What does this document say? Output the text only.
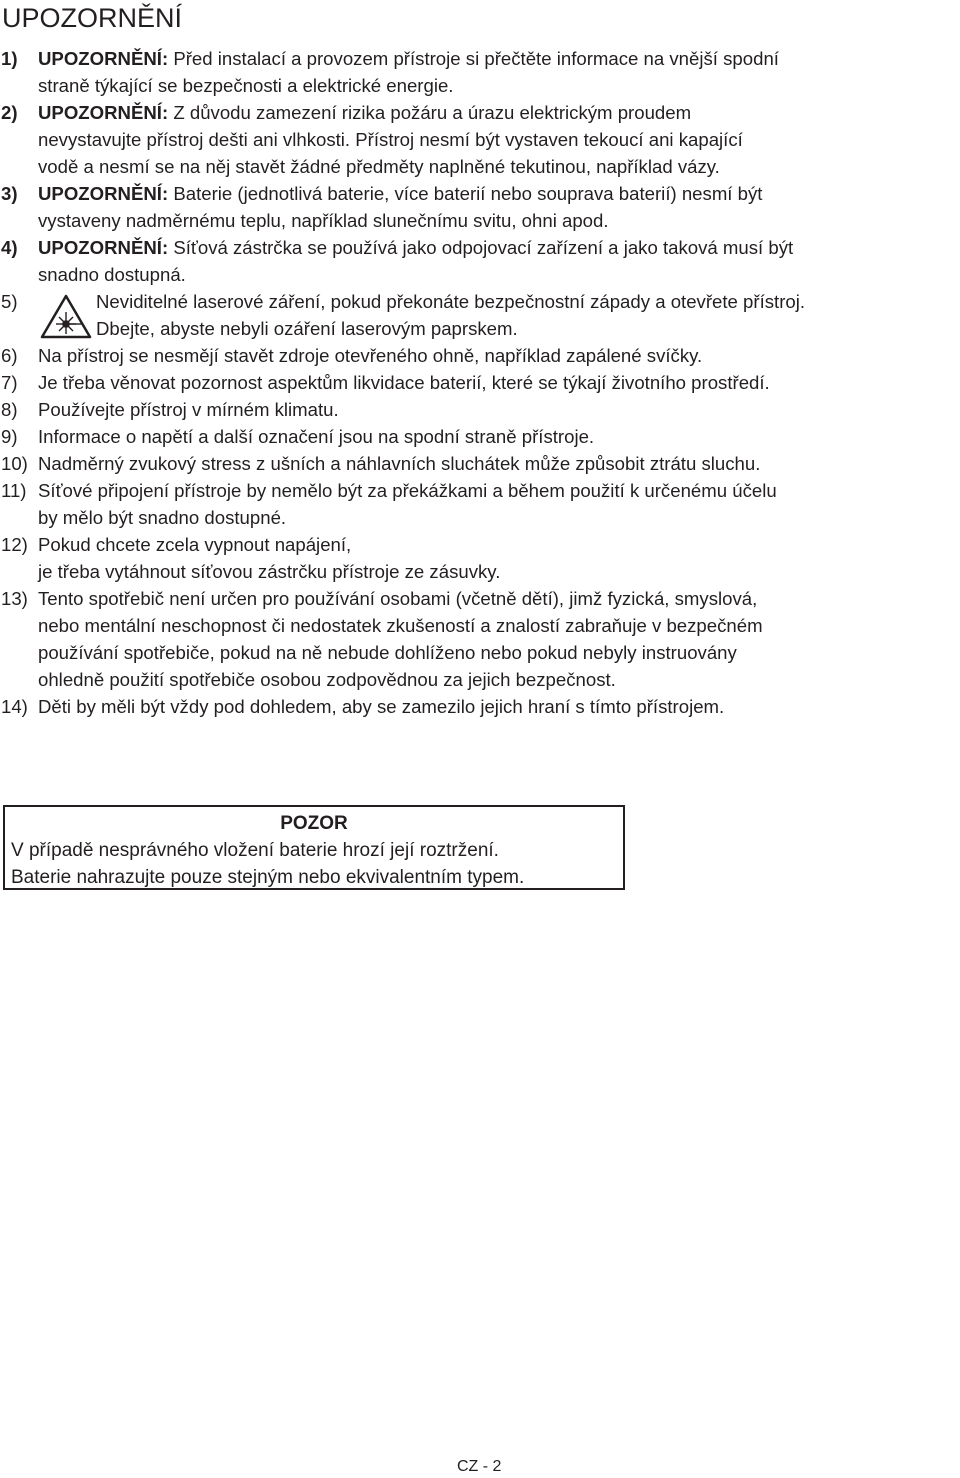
UPOZORNĚNÍ
1) UPOZORNĚNÍ: Před instalací a provozem přístroje si přečtěte informace na vnější spodní
straně týkající se bezpečnosti a elektrické energie.
2) UPOZORNĚNÍ: Z důvodu zamezení rizika požáru a úrazu elektrickým proudem
nevystavujte přístroj dešti ani vlhkosti. Přístroj nesmí být vystaven tekoucí ani kapající
vodě a nesmí se na něj stavět žádné předměty naplněné tekutinou, například vázy.
3) UPOZORNĚNÍ: Baterie (jednotlivá baterie, více baterií nebo souprava baterií) nesmí být
vystaveny nadměrnému teplu, například slunečnímu svitu, ohni apod.
4) UPOZORNĚNÍ: Síťová zástrčka se používá jako odpojovací zařízení a jako taková musí být
snadno dostupná.
5)	Neviditelné laserové záření, pokud překonáte bezpečnostní západy a otevřete přístroj.
Dbejte, abyste nebyli ozáření laserovým paprskem.
6) Na přístroj se nesmějí stavět zdroje otevřeného ohně, například zapálené svíčky.
7) Je třeba věnovat pozornost aspektům likvidace baterií, které se týkají životního prostředí.
8) Používejte přístroj v mírném klimatu.
9) Informace o napětí a další označení jsou na spodní straně přístroje.
10) Nadměrný zvukový stress z ušních a náhlavních sluchátek může způsobit ztrátu sluchu.
11) Síťové připojení přístroje by nemělo být za překážkami a během použití k určenému účelu
by mělo být snadno dostupné.
12) Pokud chcete zcela vypnout napájení,
je třeba vytáhnout síťovou zástrčku přístroje ze zásuvky.
13) Tento spotřebič není určen pro používání osobami (včetně dětí), jimž fyzická, smyslová,
nebo mentální neschopnost či nedostatek zkušeností a znalostí zabraňuje v bezpečném
používání spotřebiče, pokud na ně nebude dohlíženo nebo pokud nebyly instruovány
ohledně použití spotřebiče osobou zodpovědnou za jejich bezpečnost.
14) Děti by měli být vždy pod dohledem, aby se zamezilo jejich hraní s tímto přístrojem.
POZOR
V případě nesprávného vložení baterie hrozí její roztržení.
Baterie nahrazujte pouze stejným nebo ekvivalentním typem.
CZ - 2
